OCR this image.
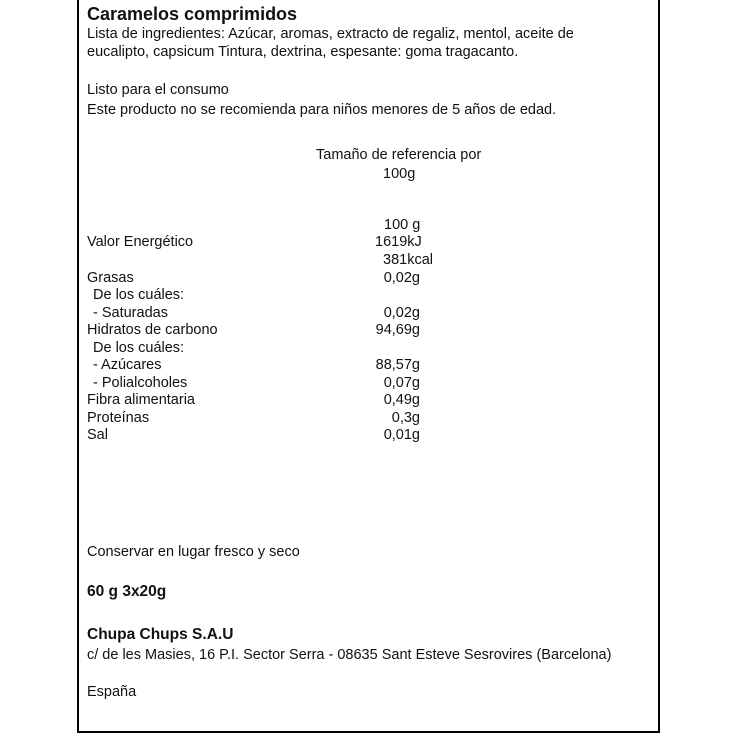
Caramelos comprimidos
Lista de ingredientes: Azúcar, aromas, extracto de regaliz, mentol, aceite de
eucalipto, capsicum Tintura, dextrina, espesante: goma tragacanto.
Listo para el consumo
Este producto no se recomienda para niños menores de 5 años de edad.
Tamaño de referencia por
100g
100 g
Valor Energético	1619kJ
381kcal
Grasas	0,02g
De los cuáles:
- Saturadas	0,02g
Hidratos de carbono	94,69g
De los cuáles:
- Azúcares	88,57g
- Polialcoholes	0,07g
Fibra alimentaria	0,49g
Proteínas	0,3g
Sal	0,01g
Conservar en lugar fresco y seco
60 g 3x20g
Chupa Chups S.A.U
c/ de les Masies, 16 P.I. Sector Serra - 08635 Sant Esteve Sesrovires (Barcelona)
España
